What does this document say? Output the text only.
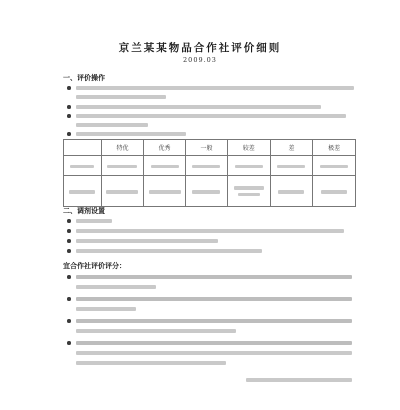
京兰某某物品合作社评价细则
2009.03
一、评价操作
	特优	优秀	一般	较差	差	极差

二、调剂设置
宜合作社评价评分：
